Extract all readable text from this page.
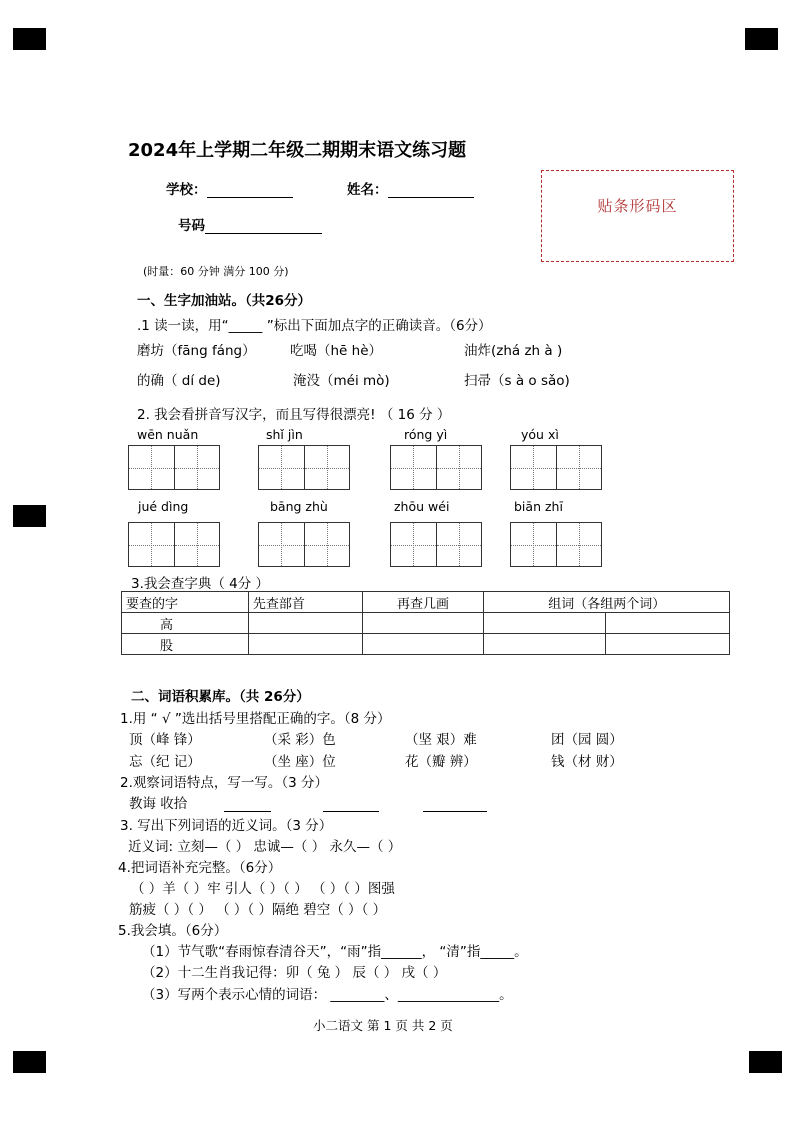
2024年上学期二年级二期期末语文练习题
学校：	姓名：
号码
贴条形码区
(时量：60 分钟 满分 100 分)
一、生字加油站。（共26分）
.1 读一读，用“_____ ”标出下面加点字的正确读音。（6分）
磨坊（fāng fáng）	吃喝（hē hè）	油炸(zhá zh à )
的确（ dí de)	淹没（méi mò)	扫帚（s à o sǎo)
2. 我会看拼音写汉字，而且写得很漂亮! （ 16 分 ）
wēn nuǎn	shǐ jìn	róng yì	yóu xì
jué dìng	bāng zhù	zhōu wéi	biān zhī
3.我会查字典（ 4分 ）
要查的字	先查部首	再查几画	组词（各组两个词）	
高				
股				
二、词语积累库。（共 26分）
1.用 “ √ ”选出括号里搭配正确的字。（8 分）
顶（峰 锋）	（采 彩）色	（坚 艰）难	团（园 圆）
忘（纪 记）	（坐 座）位	花（瓣 辨）	钱（材 财）
2.观察词语特点，写一写。（3 分）
教诲 收拾
3. 写出下列词语的近义词。（3 分）
近义词: 立刻—（ ） 忠诚—（ ） 永久—（ ）
4.把词语补充完整。（6分）
（ ）羊（ ）牢 引人（ ）（ ） （ ）（ ）图强
筋疲（ ）（ ） （ ）（ ）隔绝 碧空（ ）（ ）
5.我会填。（6分）
（1）节气歌“春雨惊春清谷天”，“雨”指______， “清”指_____。
（2）十二生肖我记得：卯（ 兔 ） 辰（ ） 戌（ ）
（3）写两个表示心情的词语： ________、_______________。
小二语文 第 1 页 共 2 页
